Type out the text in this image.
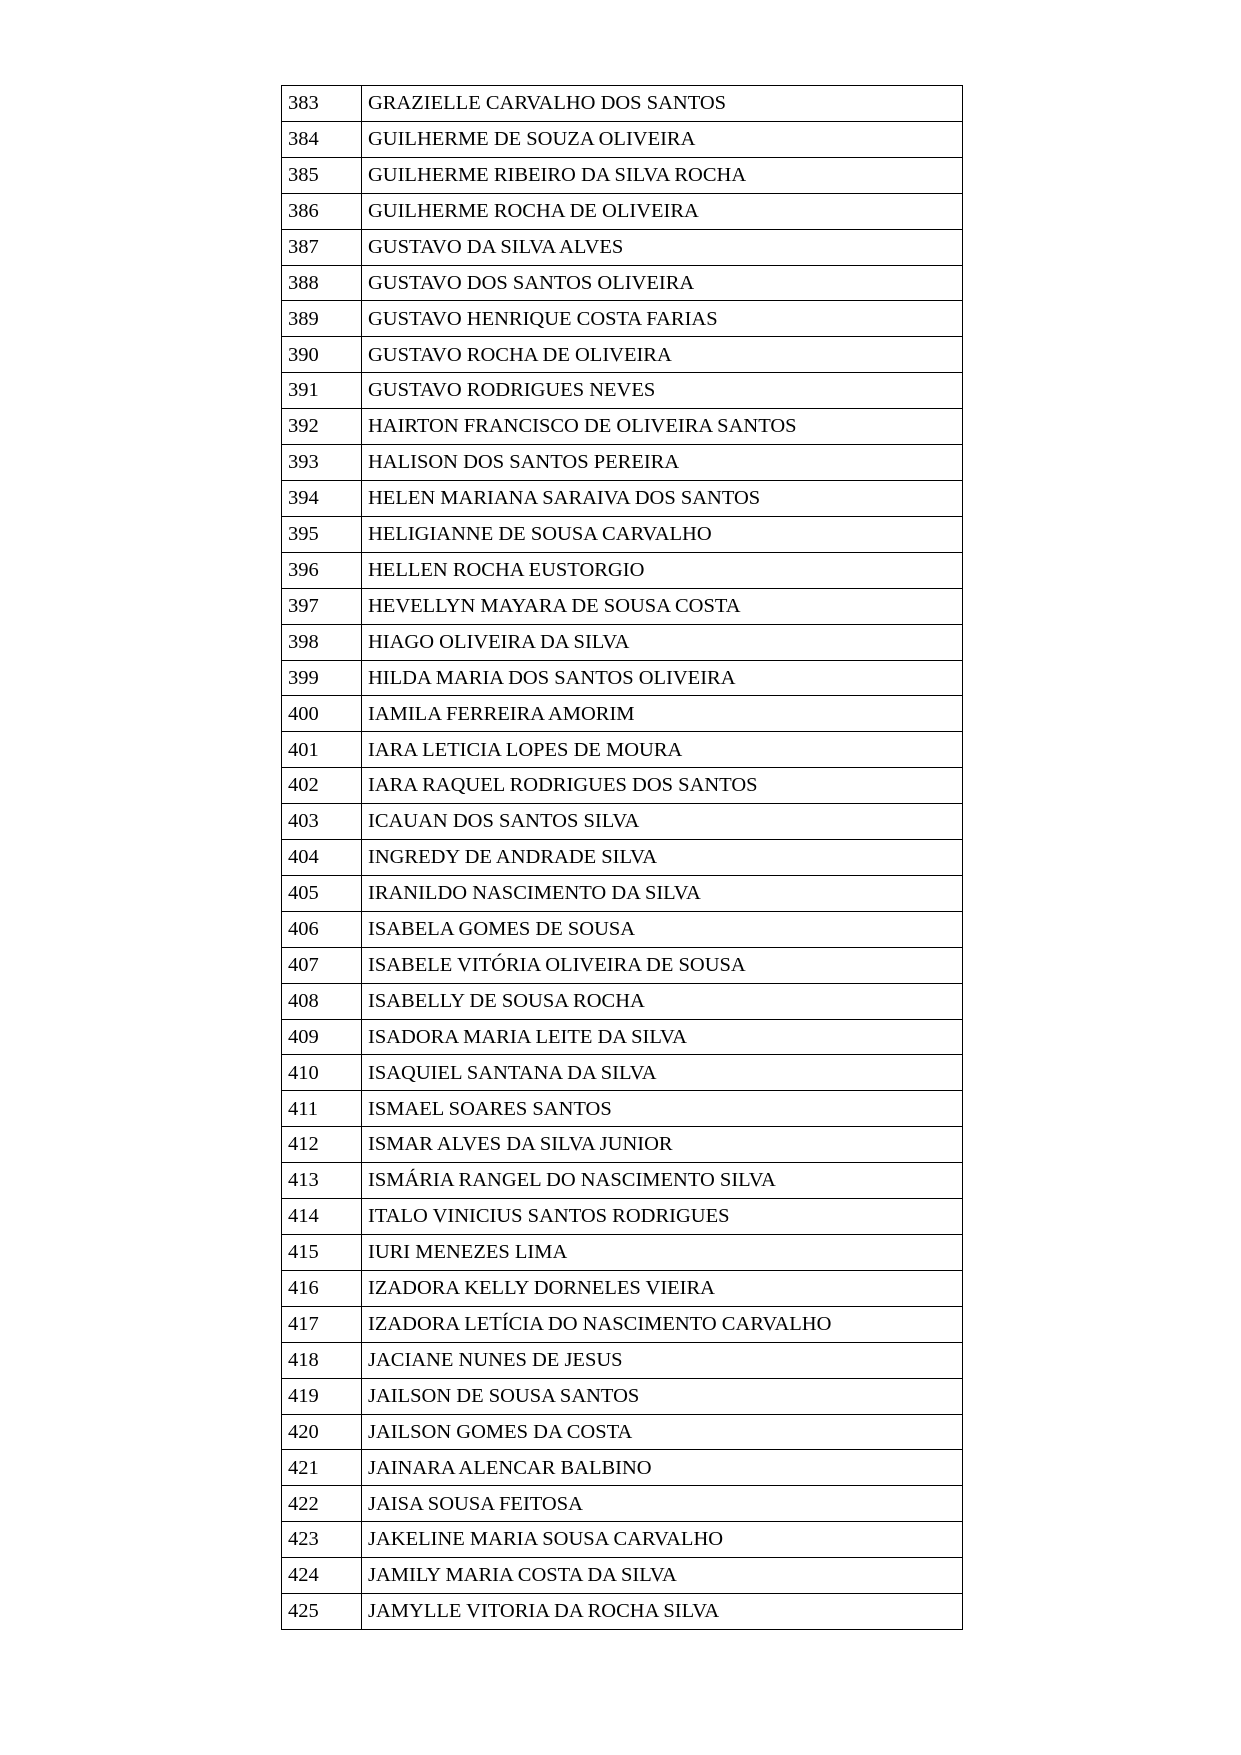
383	GRAZIELLE CARVALHO DOS SANTOS
384	GUILHERME DE SOUZA OLIVEIRA
385	GUILHERME RIBEIRO DA SILVA ROCHA
386	GUILHERME ROCHA DE OLIVEIRA
387	GUSTAVO DA SILVA ALVES
388	GUSTAVO DOS SANTOS OLIVEIRA
389	GUSTAVO HENRIQUE COSTA FARIAS
390	GUSTAVO ROCHA DE OLIVEIRA
391	GUSTAVO RODRIGUES NEVES
392	HAIRTON FRANCISCO DE OLIVEIRA SANTOS
393	HALISON DOS SANTOS PEREIRA
394	HELEN MARIANA SARAIVA DOS SANTOS
395	HELIGIANNE DE SOUSA CARVALHO
396	HELLEN ROCHA EUSTORGIO
397	HEVELLYN MAYARA DE SOUSA COSTA
398	HIAGO OLIVEIRA DA SILVA
399	HILDA MARIA DOS SANTOS OLIVEIRA
400	IAMILA FERREIRA AMORIM
401	IARA LETICIA LOPES DE MOURA
402	IARA RAQUEL RODRIGUES DOS SANTOS
403	ICAUAN DOS SANTOS SILVA
404	INGREDY DE ANDRADE SILVA
405	IRANILDO NASCIMENTO DA SILVA
406	ISABELA GOMES DE SOUSA
407	ISABELE VITÓRIA OLIVEIRA DE SOUSA
408	ISABELLY DE SOUSA ROCHA
409	ISADORA MARIA LEITE DA SILVA
410	ISAQUIEL SANTANA DA SILVA
411	ISMAEL SOARES SANTOS
412	ISMAR ALVES DA SILVA JUNIOR
413	ISMÁRIA RANGEL DO NASCIMENTO SILVA
414	ITALO VINICIUS SANTOS RODRIGUES
415	IURI MENEZES LIMA
416	IZADORA KELLY DORNELES VIEIRA
417	IZADORA LETÍCIA DO NASCIMENTO CARVALHO
418	JACIANE NUNES DE JESUS
419	JAILSON DE SOUSA SANTOS
420	JAILSON GOMES DA COSTA
421	JAINARA ALENCAR BALBINO
422	JAISA SOUSA FEITOSA
423	JAKELINE MARIA SOUSA CARVALHO
424	JAMILY MARIA COSTA DA SILVA
425	JAMYLLE VITORIA DA ROCHA SILVA
